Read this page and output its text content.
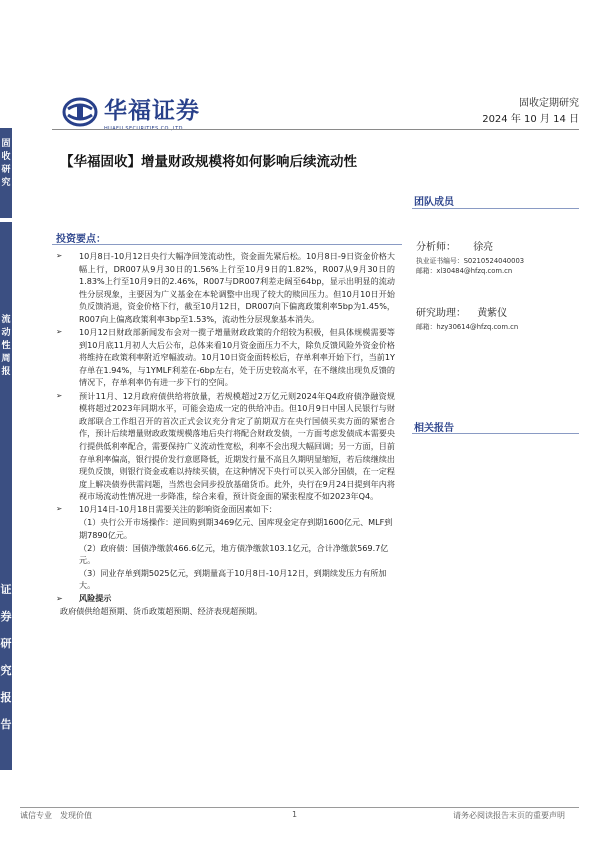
固
收
研
究
流
动
性
周
报
证
券
研
究
报
告
华福证券
HUAFU SECURITIES CO.,LTD.
固收定期研究
2024 年 10 月 14 日
【华福固收】增量财政规模将如何影响后续流动性
投资要点：
➢ 10月8日-10月12日央行大幅净回笼流动性，资金面先紧后松。10月8日-9日资金价格大幅上行，DR007从9月30日的1.56%上行至10月9日的1.82%，R007从9月30日的1.83%上行至10月9日的2.46%，R007与DR007利差走阔至64bp，显示出明显的流动性分层现象，主要因为广义基金在本轮调整中出现了较大的赎回压力。但10月10日开始负反馈消退，资金价格下行，截至10月12日，DR007向下偏离政策利率5bp为1.45%，R007向上偏离政策利率3bp至1.53%，流动性分层现象基本消失。
➢ 10月12日财政部新闻发布会对一揽子增量财政政策的介绍较为积极，但具体规模需要等到10月底11月初人大后公布，总体来看10月资金面压力不大，除负反馈风险外资金价格将维持在政策利率附近窄幅波动。10月10日资金面转松后，存单利率开始下行，当前1Y存单在1.94%，与1YMLF利差在-6bp左右，处于历史较高水平，在不继续出现负反馈的情况下，存单利率仍有进一步下行的空间。
➢ 预计11月、12月政府债供给将放量，若规模超过2万亿元则2024年Q4政府债净融资规模将超过2023年同期水平，可能会造成一定的供给冲击。但10月9日中国人民银行与财政部联合工作组召开的首次正式会议充分肯定了前期双方在央行国债买卖方面的紧密合作，预计后续增量财政政策规模落地后央行将配合财政发债，一方面考虑发债成本需要央行提供低利率配合，需要保持广义流动性宽松，利率不会出现大幅回调；另一方面，目前存单利率偏高，银行提价发行意愿降低，近期发行量不高且久期明显缩短，若后续继续出现负反馈，则银行资金或难以持续买债，在这种情况下央行可以买入部分国债，在一定程度上解决债券供需问题，当然也会同步投放基础货币。此外，央行在9月24日提到年内将视市场流动性情况进一步降准，综合来看，预计资金面的紧张程度不如2023年Q4。
➢ 10月14日-10月18日需要关注的影响资金面因素如下：
（1）央行公开市场操作：逆回购到期3469亿元、国库现金定存到期1600亿元、MLF到期7890亿元。
（2）政府债：国债净缴款466.6亿元，地方债净缴款103.1亿元，合计净缴款569.7亿元。
（3）同业存单到期5025亿元，到期量高于10月8日-10月12日，到期续发压力有所加大。
➢ 风险提示
政府债供给超预期、货币政策超预期、经济表现超预期。
团队成员
分析师： 徐亮
执业证书编号：S0210524040003
邮箱：xl30484@hfzq.com.cn
研究助理： 黄紫仪
邮箱：hzy30614@hfzq.com.cn
相关报告
诚信专业　发现价值	1	请务必阅读报告末页的重要声明
